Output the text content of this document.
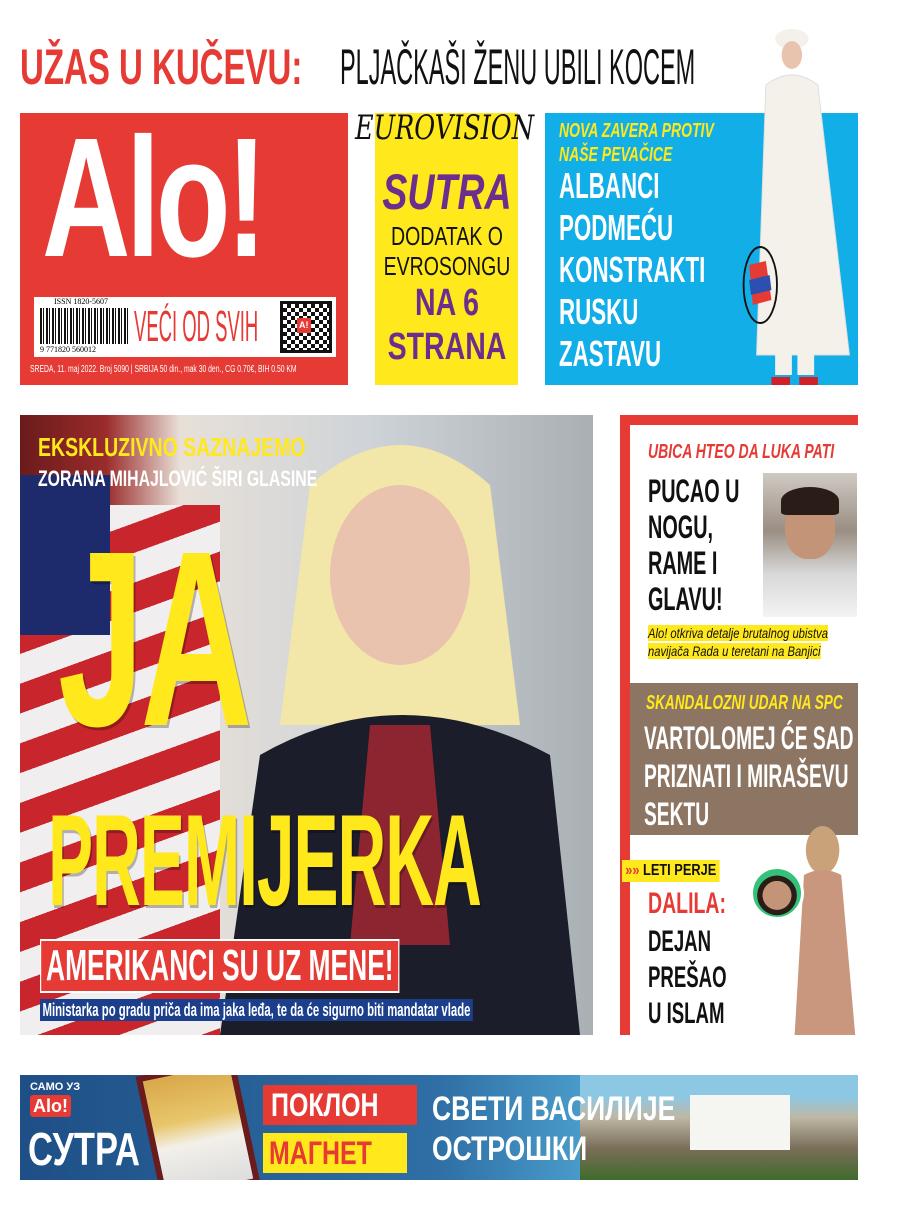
UŽAS U KUČEVU: PLJAČKAŠI ŽENU UBILI KOCEM
Alo!
ISSN 1820-5607
9 771820 560012 VEĆI OD SVIH	A!
SREDA, 11. maj 2022. Broj 5090 | SRBIJA 50 din., mak 30 den., CG 0.70€, BIH 0.50 KM
EUROVISION
SUTRA
DODATAK O EVROSONGU
NA 6 STRANA
NOVA ZAVERA PROTIV NAŠE PEVAČICE
ALBANCI PODMEĆU KONSTRAKTI RUSKU ZASTAVU
EKSKLUZIVNO SAZNAJEMO
ZORANA MIHAJLOVIĆ ŠIRI GLASINE
JA
PREMIJERKA
AMERIKANCI SU UZ MENE!
Ministarka po gradu priča da ima jaka leđa, te da će sigurno biti mandatar vlade
UBICA HTEO DA LUKA PATI
PUCAO U NOGU, RAME I GLAVU!
Alo! otkriva detalje brutalnog ubistva navijača Rada u teretani na Banjici
SKANDALOZNI UDAR NA SPC
VARTOLOMEJ ĆE SAD PRIZNATI I MIRAŠEVU SEKTU
»» LETI PERJE
DALILA:
DEJAN PREŠAO U ISLAM
САМО УЗ
Alo!
СУТРА
ПОКЛОН
МАГНЕТ
СВЕТИ ВАСИЛИЈЕ ОСТРОШКИ
